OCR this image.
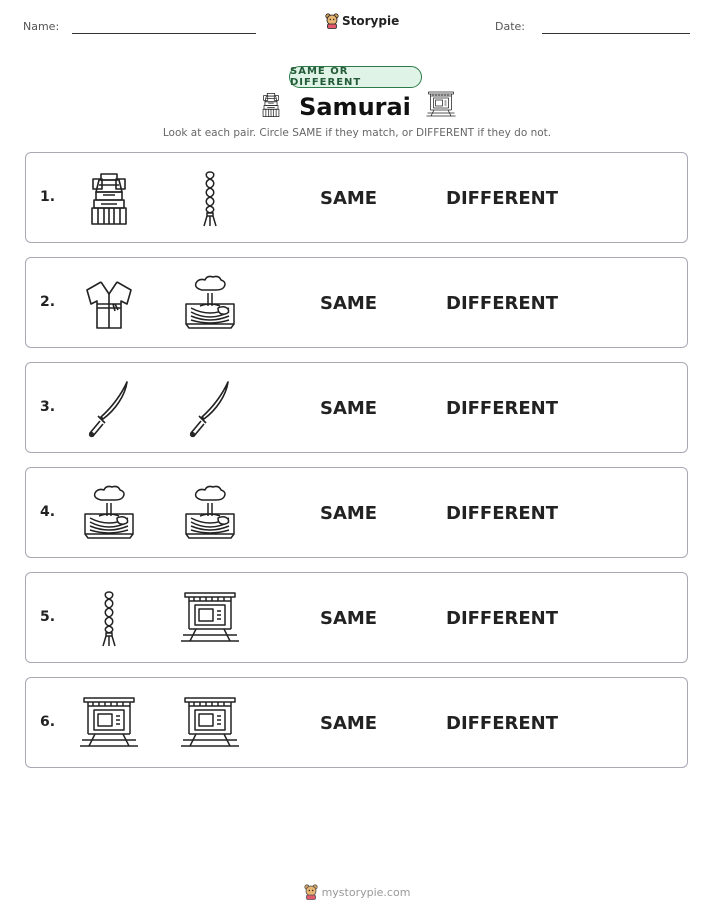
Name:	Storypie	Date:
SAME OR DIFFERENT
Samurai
Look at each pair. Circle SAME if they match, or DIFFERENT if they do not.
1.	SAME	DIFFERENT
2.	SAME	DIFFERENT
3.	SAME	DIFFERENT
4.	SAME	DIFFERENT
5.	SAME	DIFFERENT
6.	SAME	DIFFERENT
mystorypie.com
